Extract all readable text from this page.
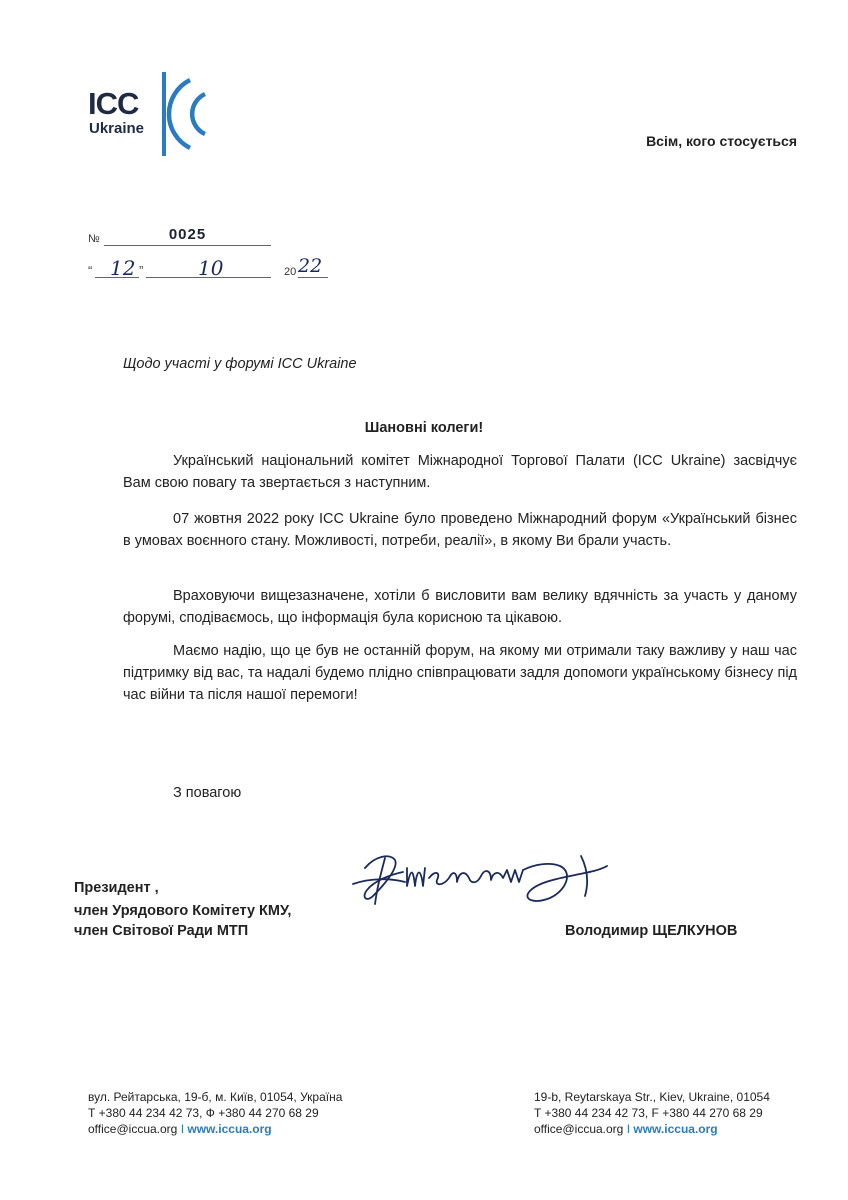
ICC
Ukraine
Всім, кого стосується
№	0025
“ 12 ”	10	20 22
Щодо участі у форумі ICC Ukraine
Шановні колеги!

Український національний комітет Міжнародної Торгової Палати (ICC Ukraine) засвідчує Вам свою повагу та звертається з наступним.

07 жовтня 2022 року ICC Ukraine було проведено Міжнародний форум «Український бізнес в умовах воєнного стану. Можливості, потреби, реалії», в якому Ви брали участь.

Враховуючи вищезазначене, хотіли б висловити вам велику вдячність за участь у даному форумі, сподіваємось, що інформація була корисною та цікавою.

Маємо надію, що це був не останній форум, на якому ми отримали таку важливу у наш час підтримку від вас, та надалі будемо плідно співпрацювати задля допомоги українському бізнесу під час війни та після нашої перемоги!

З повагою
Президент ,
член Урядового Комітету КМУ,
член Світової Ради МТП	Володимир ЩЕЛКУНОВ
вул. Рейтарська, 19-б, м. Київ, 01054, Україна
Т +380 44 234 42 73, Ф +380 44 270 68 29
office@iccua.org I www.iccua.org
19-b, Reytarskaya Str., Kiev, Ukraine, 01054
T +380 44 234 42 73, F +380 44 270 68 29
office@iccua.org I www.iccua.org
